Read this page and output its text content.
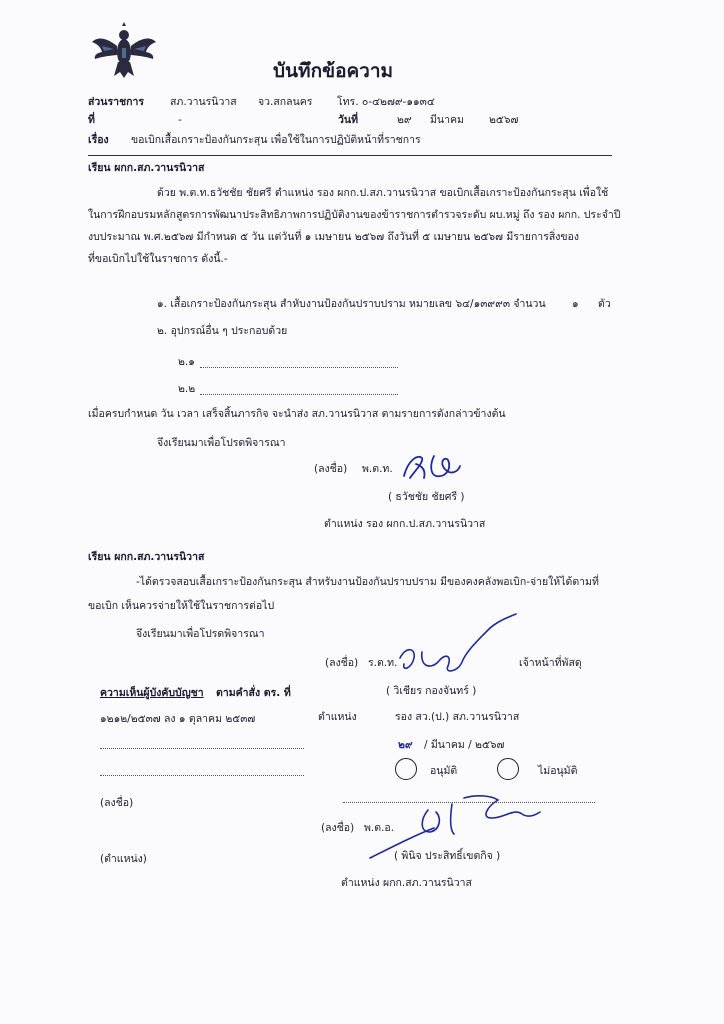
บันทึกข้อความ
ส่วนราชการ สภ.วานรนิวาส จว.สกลนคร โทร. ๐-๔๒๗๙-๑๑๓๔
ที่	-	วันที่	๒๙ มีนาคม ๒๕๖๗
เรื่อง ขอเบิกเสื้อเกราะป้องกันกระสุน เพื่อใช้ในการปฏิบัติหน้าที่ราชการ
เรียน ผกก.สภ.วานรนิวาส
ด้วย พ.ต.ท.ธวัชชัย ชัยศรี ตำแหน่ง รอง ผกก.ป.สภ.วานรนิวาส ขอเบิกเสื้อเกราะป้องกันกระสุน เพื่อใช้
ในการฝึกอบรมหลักสูตรการพัฒนาประสิทธิภาพการปฏิบัติงานของข้าราชการตำรวจระดับ ผบ.หมู่ ถึง รอง ผกก. ประจำปี
งบประมาณ พ.ศ.๒๕๖๗ มีกำหนด ๕ วัน แต่วันที่ ๑ เมษายน ๒๕๖๗ ถึงวันที่ ๕ เมษายน ๒๕๖๗ มีรายการสิ่งของ
ที่ขอเบิกไปใช้ในราชการ ดังนี้.-
๑. เสื้อเกราะป้องกันกระสุน สำหับงานป้องกันปราบปราม หมายเลข ๖๔/๑๓๙๙๓ จำนวน	๑ ตัว
๒. อุปกรณ์อื่น ๆ ประกอบด้วย
๒.๑
๒.๒
เมื่อครบกำหนด วัน เวลา เสร็จสิ้นภารกิจ จะนำส่ง สภ.วานรนิวาส ตามรายการดังกล่าวข้างต้น
จึงเรียนมาเพื่อโปรดพิจารณา
(ลงชื่อ) พ.ต.ท.
( ธวัชชัย ชัยศรี )
ตำแหน่ง รอง ผกก.ป.สภ.วานรนิวาส
เรียน ผกก.สภ.วานรนิวาส
-ได้ตรวจสอบเสื้อเกราะป้องกันกระสุน สำหรับงานป้องกันปราบปราม มีของคงคลังพอเบิก-จ่ายให้ได้ตามที่
ขอเบิก เห็นควรจ่ายให้ใช้ในราชการต่อไป
จึงเรียนมาเพื่อโปรดพิจารณา
(ลงชื่อ) ร.ต.ท.	เจ้าหน้าที่พัสดุ
( วิเชียร กองจันทร์ )
ความเห็นผู้บังคับบัญชา ตามคำสั่ง ตร. ที่
๑๒๑๒/๒๕๓๗ ลง ๑ ตุลาคม ๒๕๓๗	ตำแหน่ง	รอง สว.(ป.) สภ.วานรนิวาส
๒๙ / มีนาคม / ๒๕๖๗
อนุมัติ	ไม่อนุมัติ
(ลงชื่อ)
(ตำแหน่ง)
(ลงชื่อ) พ.ต.อ.
( พินิจ ประสิทธิ์เขตกิจ )
ตำแหน่ง ผกก.สภ.วานรนิวาส
